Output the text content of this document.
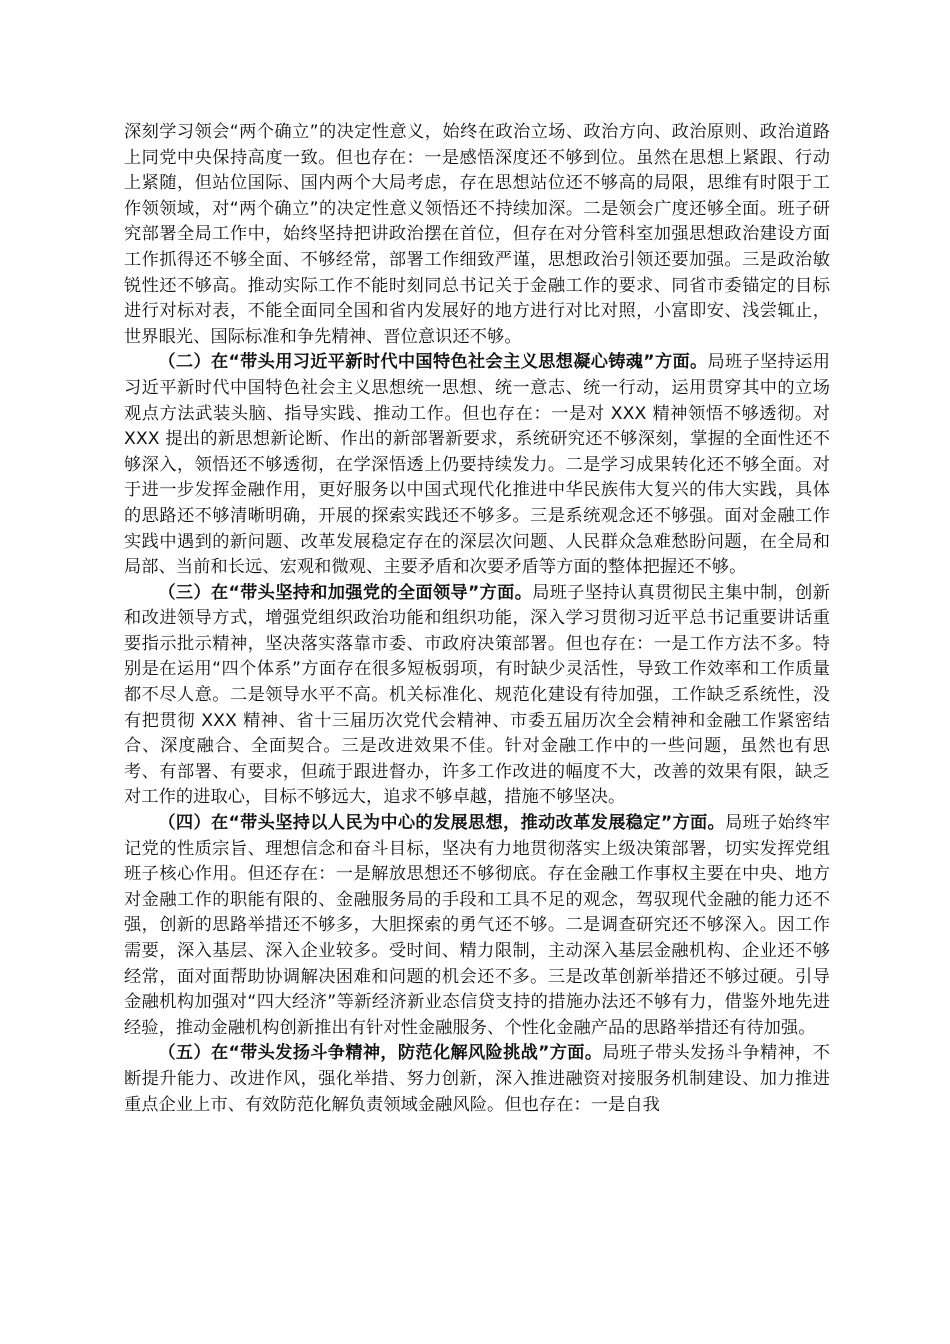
深刻学习领会“两个确立”的决定性意义，始终在政治立场、政治方向、政治原则、政治道路上同党中央保持高度一致。但也存在：一是感悟深度还不够到位。虽然在思想上紧跟、行动上紧随，但站位国际、国内两个大局考虑，存在思想站位还不够高的局限，思维有时限于工作领领域，对“两个确立”的决定性意义领悟还不持续加深。二是领会广度还够全面。班子研究部署全局工作中，始终坚持把讲政治摆在首位，但存在对分管科室加强思想政治建设方面工作抓得还不够全面、不够经常，部署工作细致严谨，思想政治引领还要加强。三是政治敏锐性还不够高。推动实际工作不能时刻同总书记关于金融工作的要求、同省市委锚定的目标进行对标对表，不能全面同全国和省内发展好的地方进行对比对照，小富即安、浅尝辄止，世界眼光、国际标准和争先精神、晋位意识还不够。

（二）在“带头用习近平新时代中国特色社会主义思想凝心铸魂”方面。局班子坚持运用习近平新时代中国特色社会主义思想统一思想、统一意志、统一行动，运用贯穿其中的立场观点方法武装头脑、指导实践、推动工作。但也存在：一是对 XXX 精神领悟不够透彻。对 XXX 提出的新思想新论断、作出的新部署新要求，系统研究还不够深刻，掌握的全面性还不够深入，领悟还不够透彻，在学深悟透上仍要持续发力。二是学习成果转化还不够全面。对于进一步发挥金融作用，更好服务以中国式现代化推进中华民族伟大复兴的伟大实践，具体的思路还不够清晰明确，开展的探索实践还不够多。三是系统观念还不够强。面对金融工作实践中遇到的新问题、改革发展稳定存在的深层次问题、人民群众急难愁盼问题，在全局和局部、当前和长远、宏观和微观、主要矛盾和次要矛盾等方面的整体把握还不够。

（三）在“带头坚持和加强党的全面领导”方面。局班子坚持认真贯彻民主集中制，创新和改进领导方式，增强党组织政治功能和组织功能，深入学习贯彻习近平总书记重要讲话重要指示批示精神，坚决落实落靠市委、市政府决策部署。但也存在：一是工作方法不多。特别是在运用“四个体系”方面存在很多短板弱项，有时缺少灵活性，导致工作效率和工作质量都不尽人意。二是领导水平不高。机关标准化、规范化建设有待加强，工作缺乏系统性，没有把贯彻 XXX 精神、省十三届历次党代会精神、市委五届历次全会精神和金融工作紧密结合、深度融合、全面契合。三是改进效果不佳。针对金融工作中的一些问题，虽然也有思考、有部署、有要求，但疏于跟进督办，许多工作改进的幅度不大，改善的效果有限，缺乏对工作的进取心，目标不够远大，追求不够卓越，措施不够坚决。

（四）在“带头坚持以人民为中心的发展思想，推动改革发展稳定”方面。局班子始终牢记党的性质宗旨、理想信念和奋斗目标，坚决有力地贯彻落实上级决策部署，切实发挥党组班子核心作用。但还存在：一是解放思想还不够彻底。存在金融工作事权主要在中央、地方对金融工作的职能有限的、金融服务局的手段和工具不足的观念，驾驭现代金融的能力还不强，创新的思路举措还不够多，大胆探索的勇气还不够。二是调查研究还不够深入。因工作需要，深入基层、深入企业较多。受时间、精力限制，主动深入基层金融机构、企业还不够经常，面对面帮助协调解决困难和问题的机会还不多。三是改革创新举措还不够过硬。引导金融机构加强对“四大经济”等新经济新业态信贷支持的措施办法还不够有力，借鉴外地先进经验，推动金融机构创新推出有针对性金融服务、个性化金融产品的思路举措还有待加强。

（五）在“带头发扬斗争精神，防范化解风险挑战”方面。局班子带头发扬斗争精神，不断提升能力、改进作风，强化举措、努力创新，深入推进融资对接服务机制建设、加力推进重点企业上市、有效防范化解负责领域金融风险。但也存在：一是自我
